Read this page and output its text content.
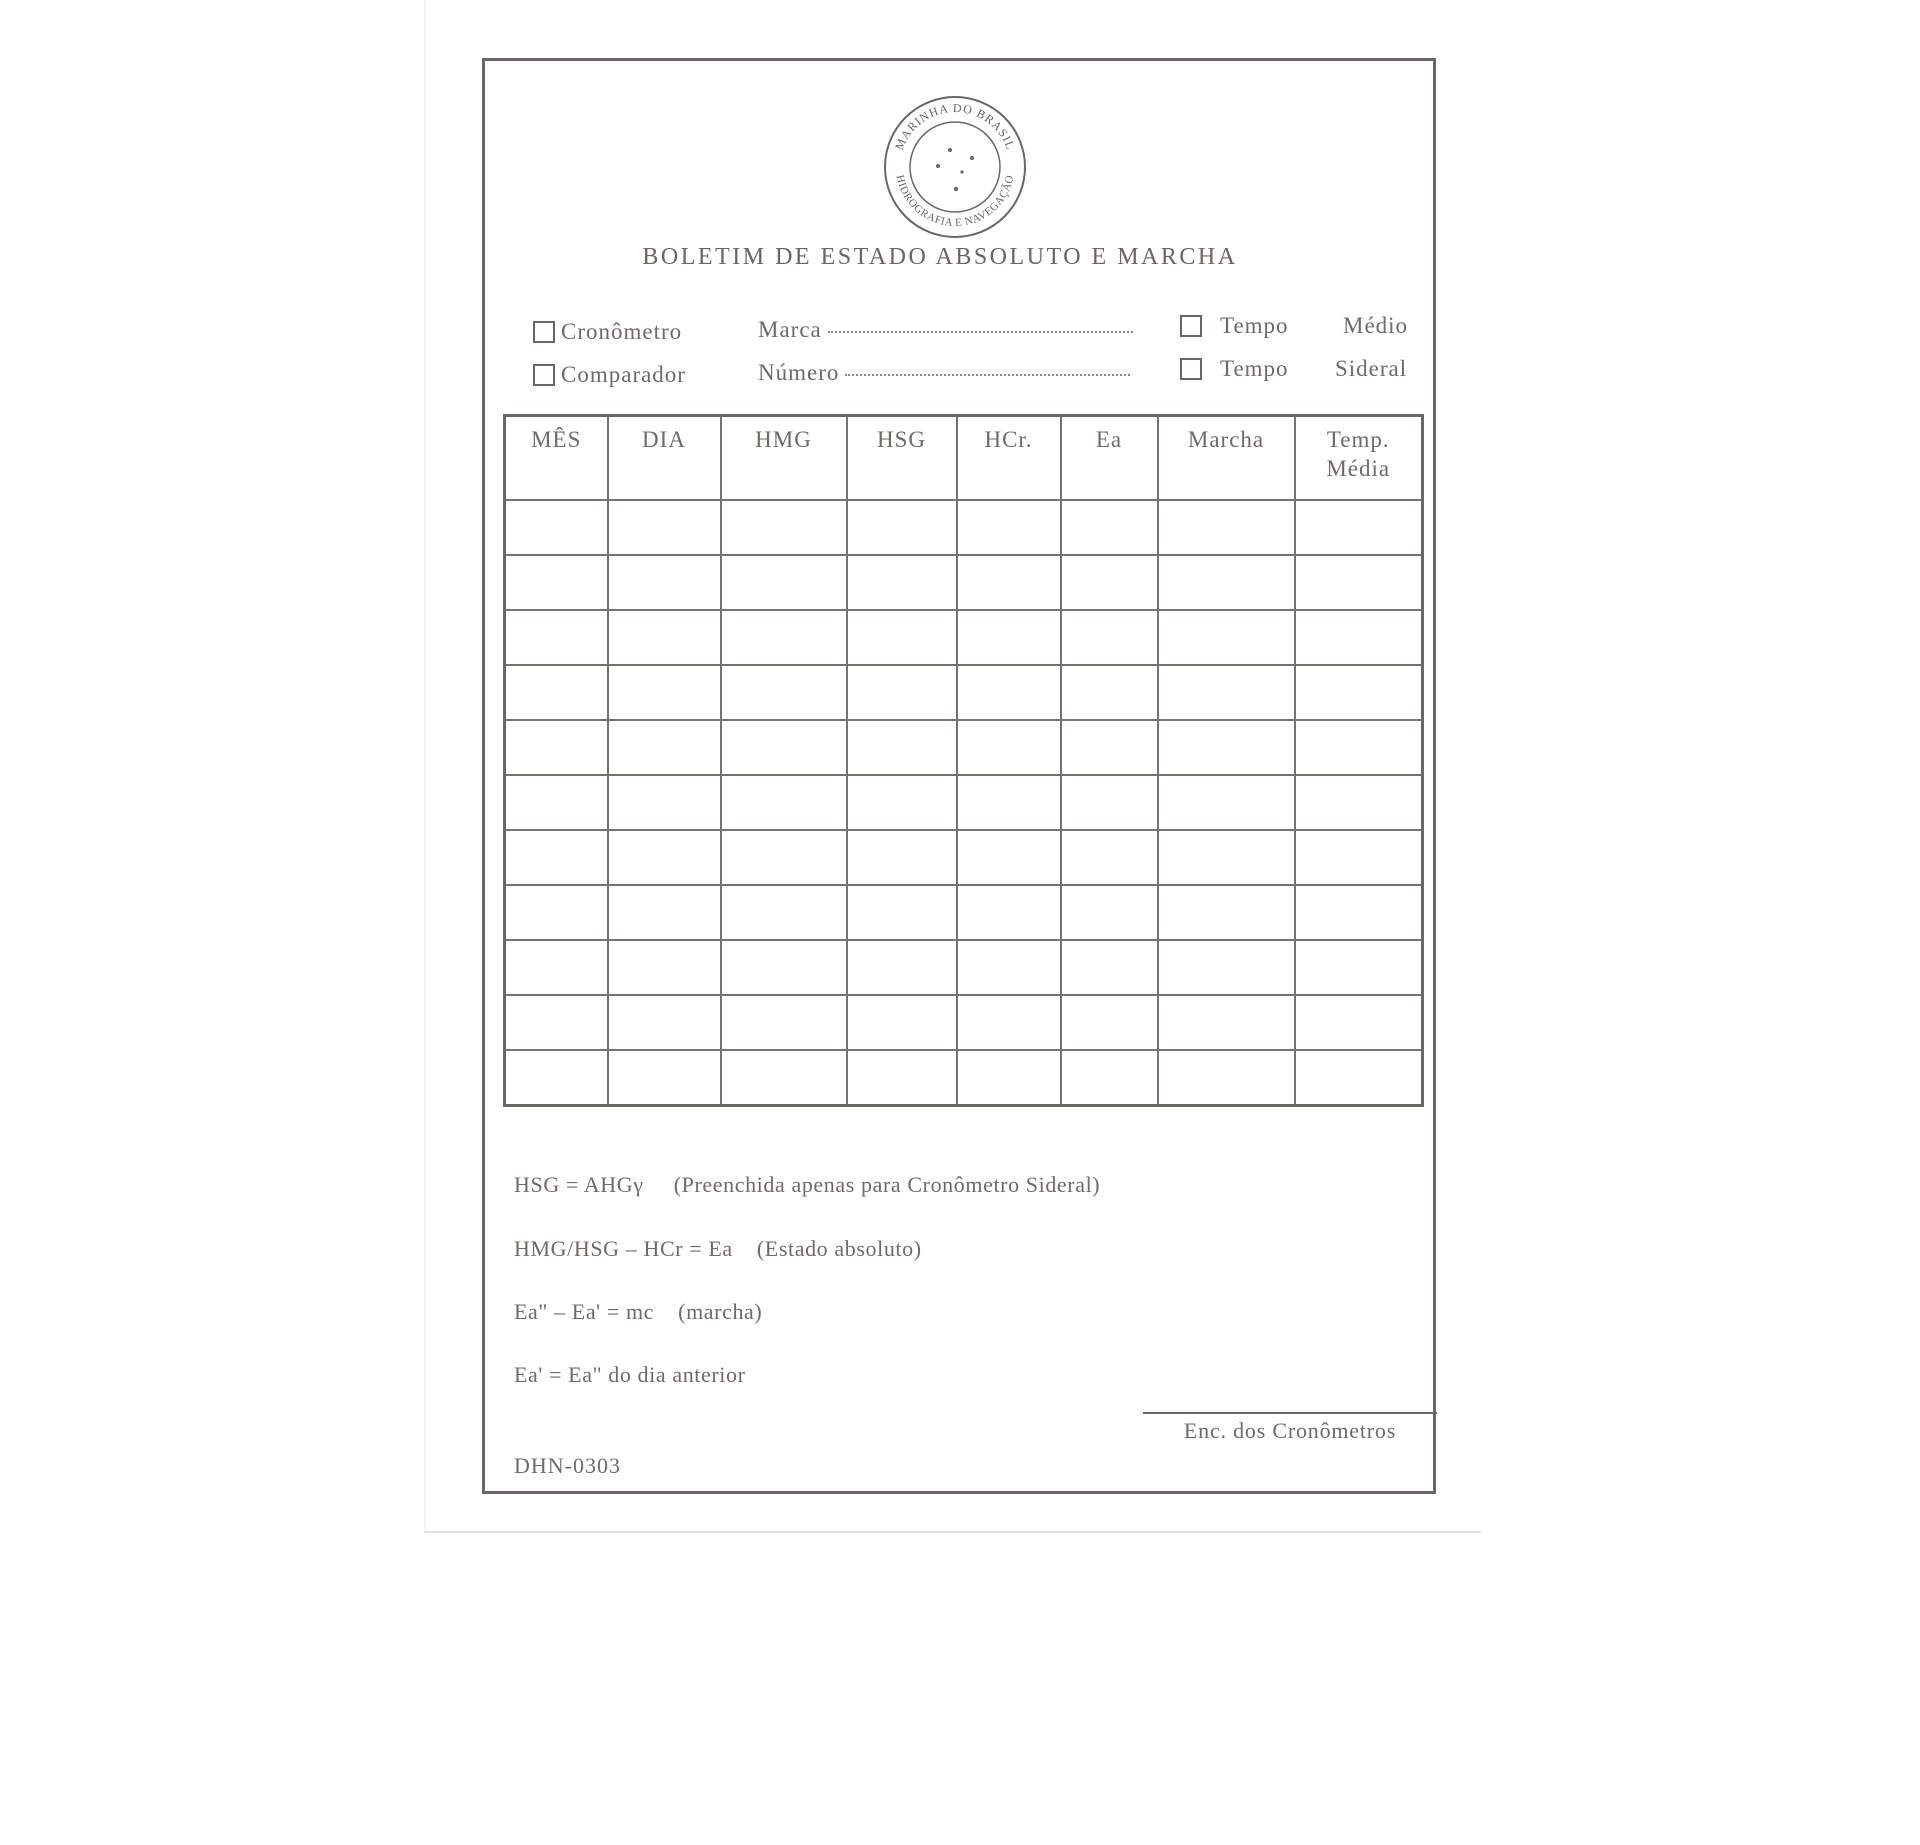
MARINHA DO BRASIL
HIDROGRAFIA E NAVEGAÇÃO
BOLETIM DE ESTADO ABSOLUTO E MARCHA
Cronômetro
Comparador
Marca
Número
Tempo Médio
Tempo Sideral
MÊS	DIA	HMG	HSG	HCr.	Ea	Marcha	Temp.
Média

HSG = AHGγ (Preenchida apenas para Cronômetro Sideral)
HMG/HSG – HCr = Ea (Estado absoluto)
Ea" – Ea' = mc (marcha)
Ea' = Ea" do dia anterior
Enc. dos Cronômetros
DHN-0303
